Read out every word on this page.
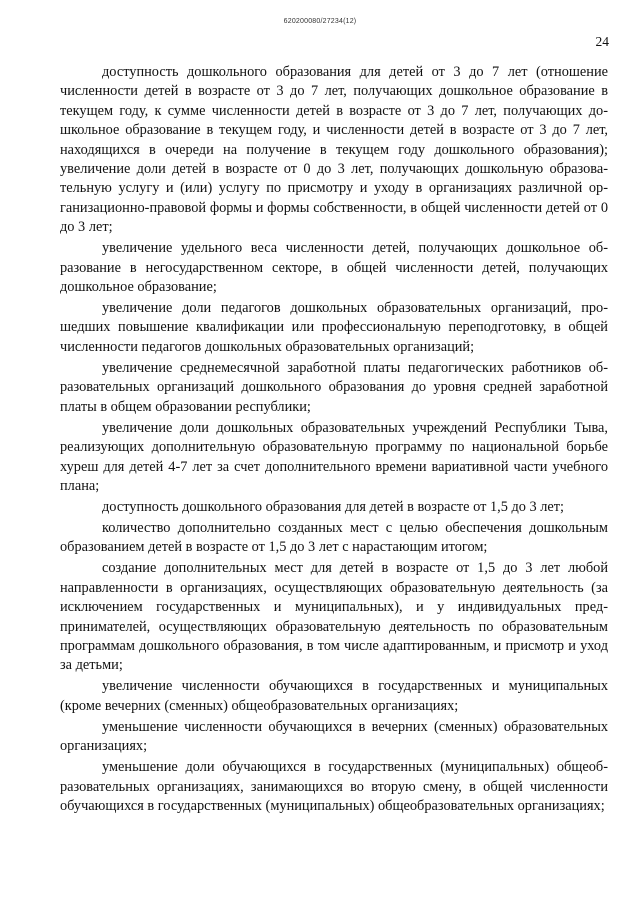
620200080/27234(12)
24

доступность дошкольного образования для детей от 3 до 7 лет (отношение численности детей в возрасте от 3 до 7 лет, получающих дошкольное образование в текущем году, к сумме численности детей в возрасте от 3 до 7 лет, получающих дошкольное образование в текущем году, и численности детей в возрасте от 3 до 7 лет, находящихся в очереди на получение в текущем году дошкольного образования); увеличение доли детей в возрасте от 0 до 3 лет, получающих дошкольную образовательную услугу и (или) услугу по присмотру и уходу в организациях различной организационно-правовой формы и формы собственности, в общей численности детей от 0 до 3 лет;

увеличение удельного веса численности детей, получающих дошкольное образование в негосударственном секторе, в общей численности детей, получающих дошкольное образование;

увеличение доли педагогов дошкольных образовательных организаций, прошедших повышение квалификации или профессиональную переподготовку, в общей численности педагогов дошкольных образовательных организаций;

увеличение среднемесячной заработной платы педагогических работников образовательных организаций дошкольного образования до уровня средней заработной платы в общем образовании республики;

увеличение доли дошкольных образовательных учреждений Республики Тыва, реализующих дополнительную образовательную программу по национальной борьбе хуреш для детей 4-7 лет за счет дополнительного времени вариативной части учебного плана;

доступность дошкольного образования для детей в возрасте от 1,5 до 3 лет;

количество дополнительно созданных мест с целью обеспечения дошкольным образованием детей в возрасте от 1,5 до 3 лет с нарастающим итогом;

создание дополнительных мест для детей в возрасте от 1,5 до 3 лет любой направленности в организациях, осуществляющих образовательную деятельность (за исключением государственных и муниципальных), и у индивидуальных предпринимателей, осуществляющих образовательную деятельность по образовательным программам дошкольного образования, в том числе адаптированным, и присмотр и уход за детьми;

увеличение численности обучающихся в государственных и муниципальных (кроме вечерних (сменных) общеобразовательных организациях;

уменьшение численности обучающихся в вечерних (сменных) образовательных организациях;

уменьшение доли обучающихся в государственных (муниципальных) общеобразовательных организациях, занимающихся во вторую смену, в общей численности обучающихся в государственных (муниципальных) общеобразовательных организациях;
